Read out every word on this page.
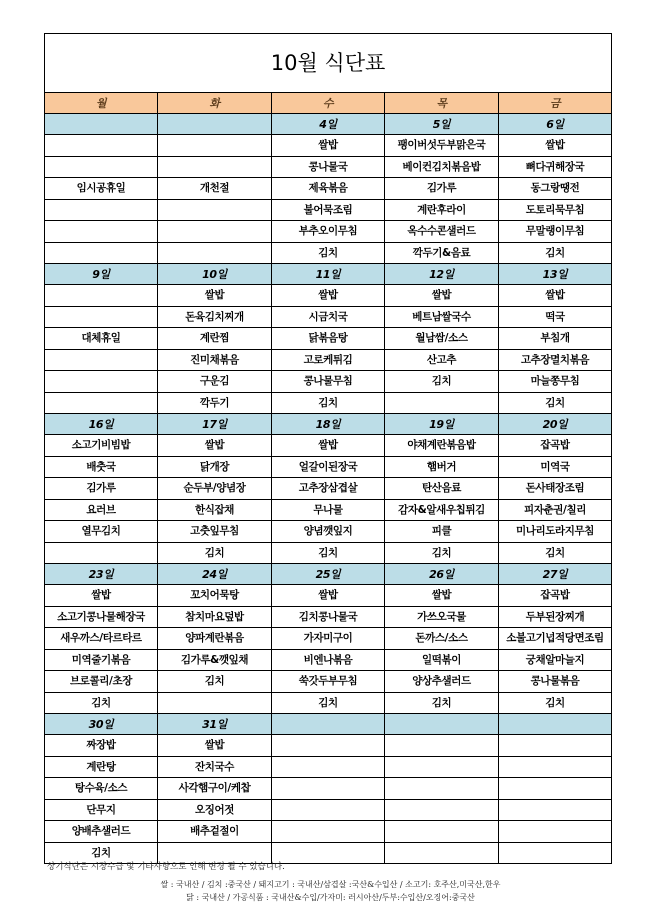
10월 식단표				
월	화	수	목	금
		4일	5일	6일
		쌀밥	팽이버섯두부맑은국	쌀밥
		콩나물국	베이컨김치볶음밥	뼈다귀해장국
임시공휴일	개천절	제육볶음	김가루	동그랑땡전
		불어묵조림	계란후라이	도토리묵무침
		부추오이무침	옥수수콘샐러드	무말랭이무침
		김치	깍두기&음료	김치
9일	10일	11일	12일	13일
	쌀밥	쌀밥	쌀밥	쌀밥
	돈육김치찌개	시금치국	베트남쌀국수	떡국
대체휴일	계란찜	닭볶음탕	월남쌈/소스	부침개
	진미채볶음	고로케튀김	산고추	고추장멸치볶음
	구운김	콩나물무침	김치	마늘쫑무침
	깍두기	김치		김치
16일	17일	18일	19일	20일
소고기비빔밥	쌀밥	쌀밥	야채계란볶음밥	잡곡밥
배춧국	닭개장	얼갈이된장국	햄버거	미역국
김가루	순두부/양념장	고추장삼겹살	탄산음료	돈사태장조림
요러브	한식잡채	무나물	감자&알새우칩튀김	피자춘권/칠리
열무김치	고춧잎무침	양념깻잎지	피클	미나리도라지무침
	김치	김치	김치	김치
23일	24일	25일	26일	27일
쌀밥	꼬치어묵탕	쌀밥	쌀밥	잡곡밥
소고기콩나물해장국	참치마요덮밥	김치콩나물국	가쓰오국물	두부된장찌개
새우까스/타르타르	양파계란볶음	가자미구이	돈까스/소스	소불고기넙적당면조림
미역줄기볶음	김가루&깻잎채	비엔나볶음	일떡볶이	궁채알마늘지
브로콜리/초장	김치	쑥갓두부무침	양상추샐러드	콩나물볶음
김치		김치	김치	김치
30일	31일			
짜장밥	쌀밥			
계란탕	잔치국수			
탕수육/소스	사각햄구이/케찹			
단무지	오징어젓			
양배추샐러드	배추겉절이			
김치				
상기식단은 시장수급 및 기타사항으로 인해 변경 될 수 있습니다.
쌀 : 국내산 / 김치 :중국산 / 돼지고기 : 국내산/삼겹살 :국산&수입산 / 소고기: 호주산,미국산,한우
닭 : 국내산 / 가공식품 : 국내산&수입/가자미: 러시아산/두부:수입산/오징어:중국산
